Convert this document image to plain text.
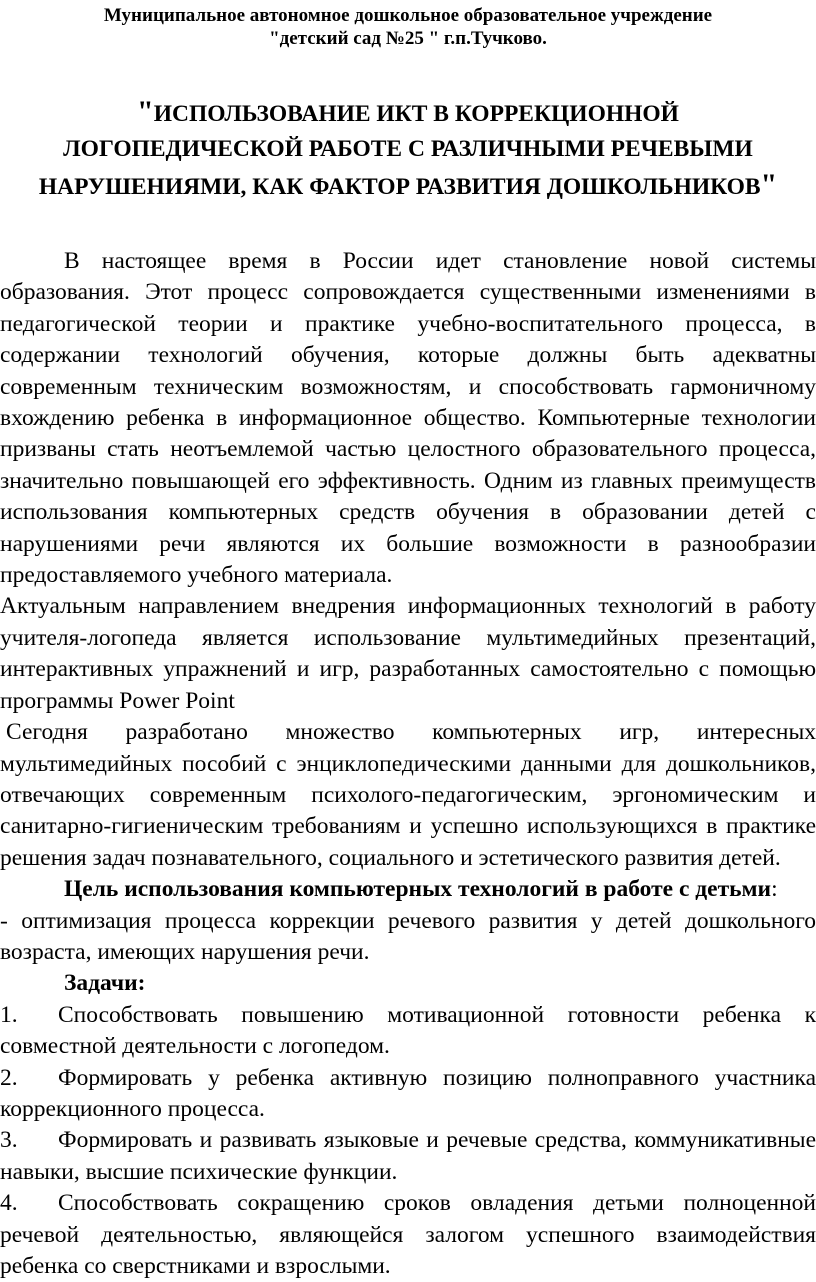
Муниципальное автономное дошкольное образовательное учреждение
"детский сад №25 " г.п.Тучково.
"ИСПОЛЬЗОВАНИЕ ИКТ В КОРРЕКЦИОННОЙ
ЛОГОПЕДИЧЕСКОЙ РАБОТЕ С РАЗЛИЧНЫМИ РЕЧЕВЫМИ
НАРУШЕНИЯМИ, КАК ФАКТОР РАЗВИТИЯ ДОШКОЛЬНИКОВ"

В настоящее время в России идет становление новой системы образования. Этот процесс сопровождается существенными изменениями в педагогической теории и практике учебно-воспитательного процесса, в содержании технологий обучения, которые должны быть адекватны современным техническим возможностям, и способствовать гармоничному вхождению ребенка в информационное общество. Компьютерные технологии призваны стать неотъемлемой частью целостного образовательного процесса, значительно повышающей его эффективность. Одним из главных преимуществ использования компьютерных средств обучения в образовании детей с нарушениями речи являются их большие возможности в разнообразии предоставляемого учебного материала.

Актуальным направлением внедрения информационных технологий в работу учителя-логопеда является использование мультимедийных презентаций, интерактивных упражнений и игр, разработанных самостоятельно с помощью программы Power Point

Сегодня разработано множество компьютерных игр, интересных мультимедийных пособий с энциклопедическими данными для дошкольников, отвечающих современным психолого-педагогическим, эргономическим и санитарно-гигиеническим требованиям и успешно использующихся в практике решения задач познавательного, социального и эстетического развития детей.

Цель использования компьютерных технологий в работе с детьми:

- оптимизация процесса коррекции речевого развития у детей дошкольного возраста, имеющих нарушения речи.

Задачи:

1. Способствовать повышению мотивационной готовности ребенка к совместной деятельности с логопедом.

2. Формировать у ребенка активную позицию полноправного участника коррекционного процесса.

3. Формировать и развивать языковые и речевые средства, коммуникативные навыки, высшие психические функции.

4. Способствовать сокращению сроков овладения детьми полноценной речевой деятельностью, являющейся залогом успешного взаимодействия ребенка со сверстниками и взрослыми.
